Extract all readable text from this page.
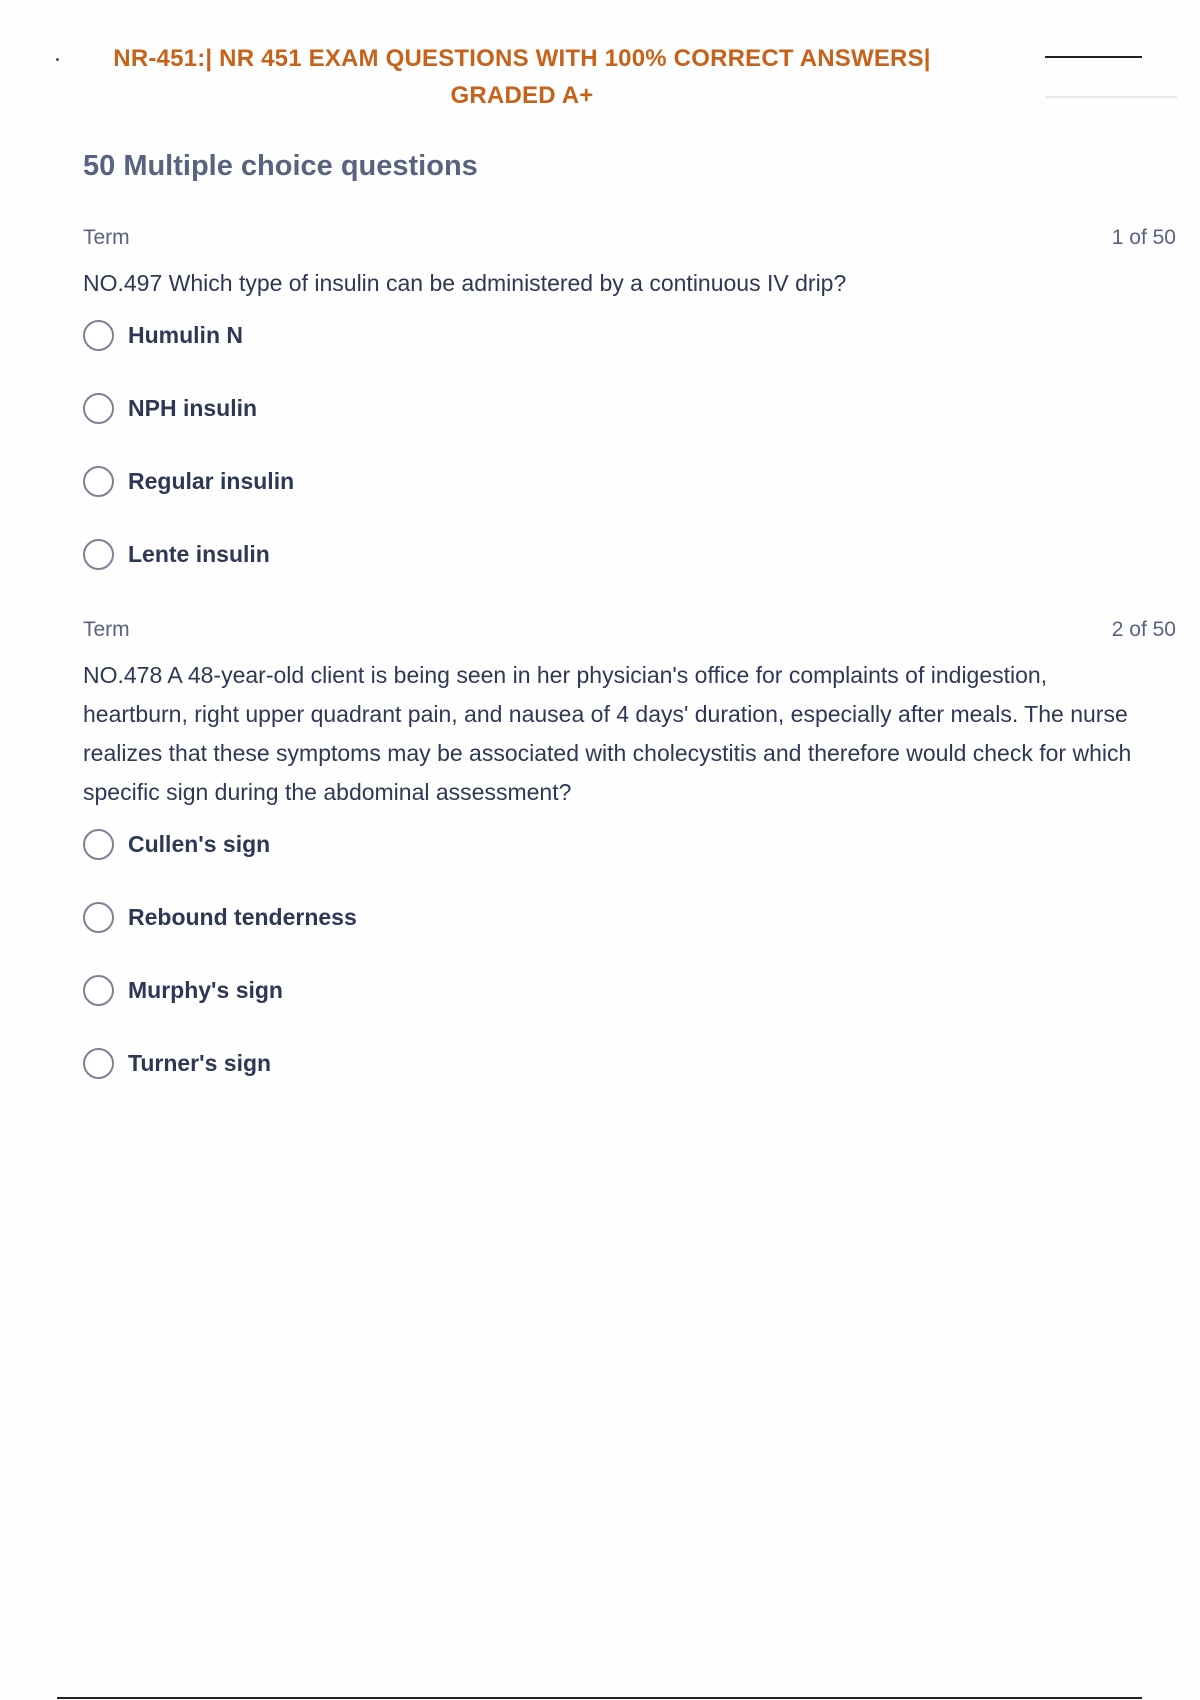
NR-451:| NR 451 EXAM QUESTIONS WITH 100% CORRECT ANSWERS|
GRADED A+
50 Multiple choice questions
Term	1 of 50
NO.497 Which type of insulin can be administered by a continuous IV drip?
Humulin N
NPH insulin
Regular insulin
Lente insulin
Term	2 of 50
NO.478 A 48-year-old client is being seen in her physician's office for complaints of indigestion, heartburn, right upper quadrant pain, and nausea of 4 days' duration, especially after meals. The nurse realizes that these symptoms may be associated with cholecystitis and therefore would check for which specific sign during the abdominal assessment?
Cullen's sign
Rebound tenderness
Murphy's sign
Turner's sign
